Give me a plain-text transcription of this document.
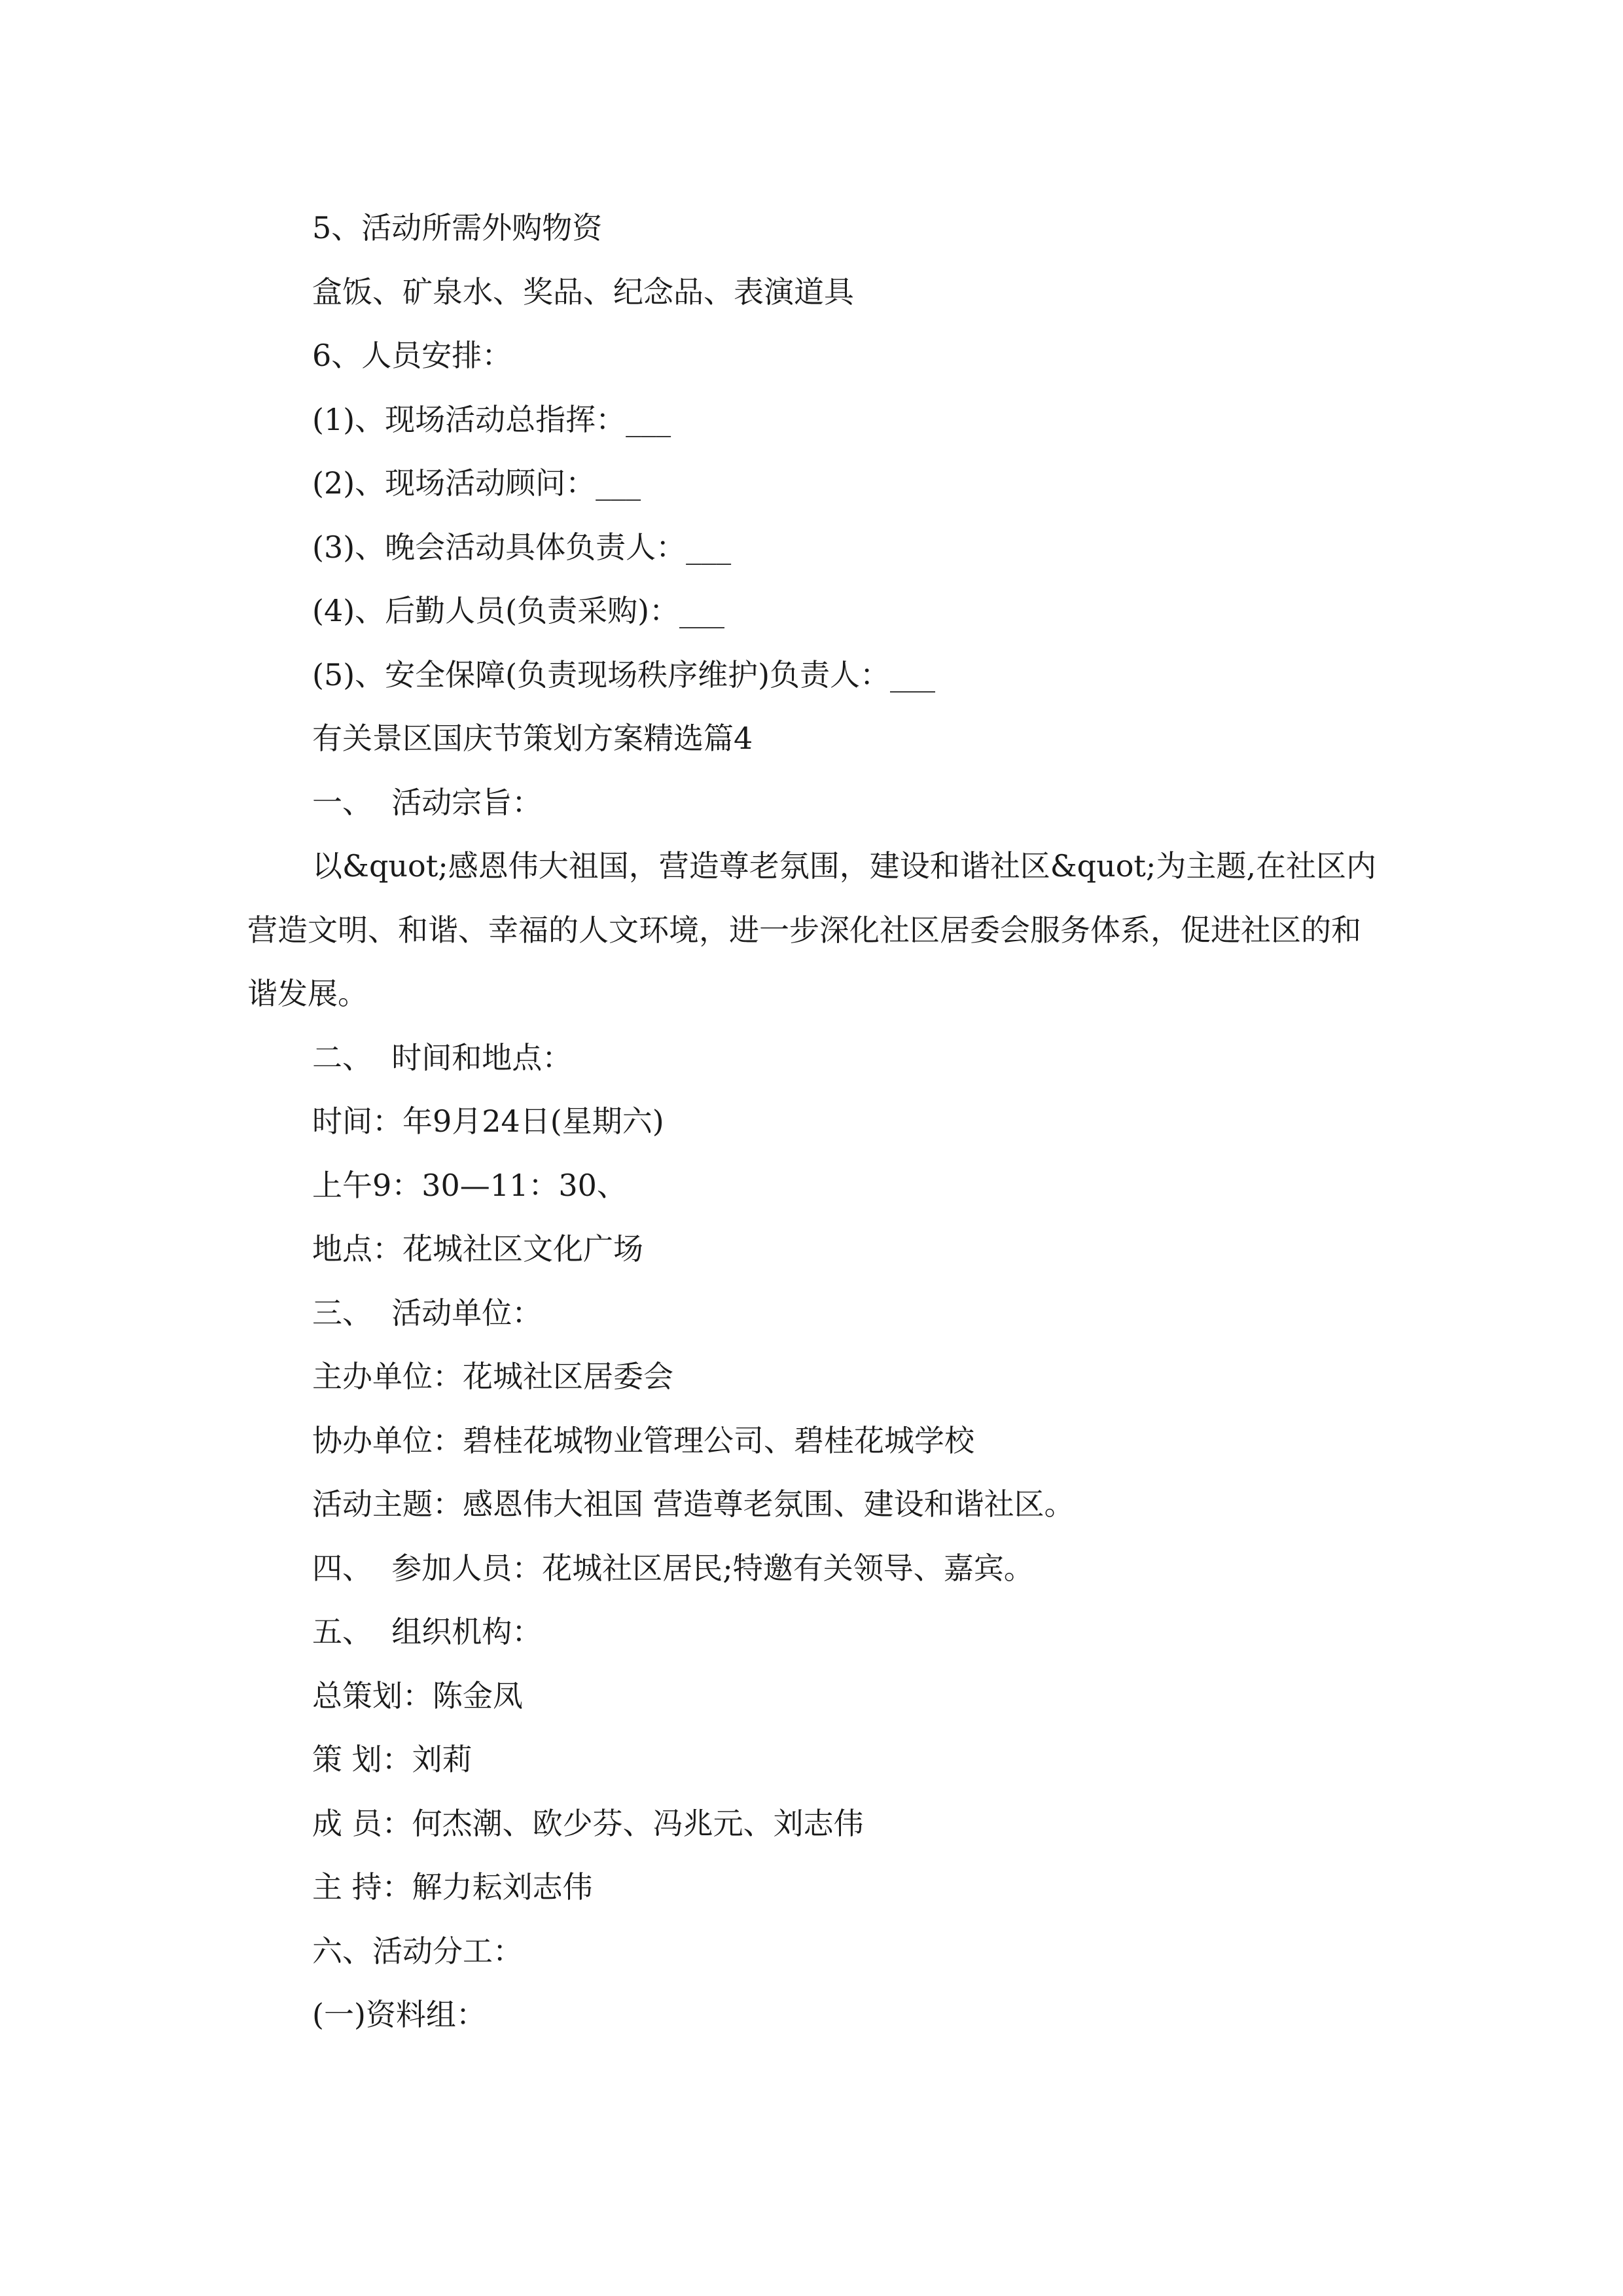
5、活动所需外购物资

盒饭、矿泉水、奖品、纪念品、表演道具

6、人员安排：

(1)、现场活动总指挥：___

(2)、现场活动顾问：___

(3)、晚会活动具体负责人：___

(4)、后勤人员(负责采购)：___

(5)、安全保障(负责现场秩序维护)负责人：___

有关景区国庆节策划方案精选篇4

一、  活动宗旨：

以&quot;感恩伟大祖国，营造尊老氛围，建设和谐社区&quot;为主题,在社区内营造文明、和谐、幸福的人文环境，进一步深化社区居委会服务体系，促进社区的和谐发展。

二、  时间和地点：

时间：年9月24日(星期六)

上午9：30—11：30、

地点：花城社区文化广场

三、  活动单位：

主办单位：花城社区居委会

协办单位：碧桂花城物业管理公司、碧桂花城学校

活动主题：感恩伟大祖国 营造尊老氛围、建设和谐社区。

四、  参加人员：花城社区居民;特邀有关领导、嘉宾。

五、  组织机构：

总策划：陈金凤

策 划：刘莉

成 员：何杰潮、欧少芬、冯兆元、刘志伟

主 持：解力耘刘志伟

六、活动分工：

(一)资料组：
